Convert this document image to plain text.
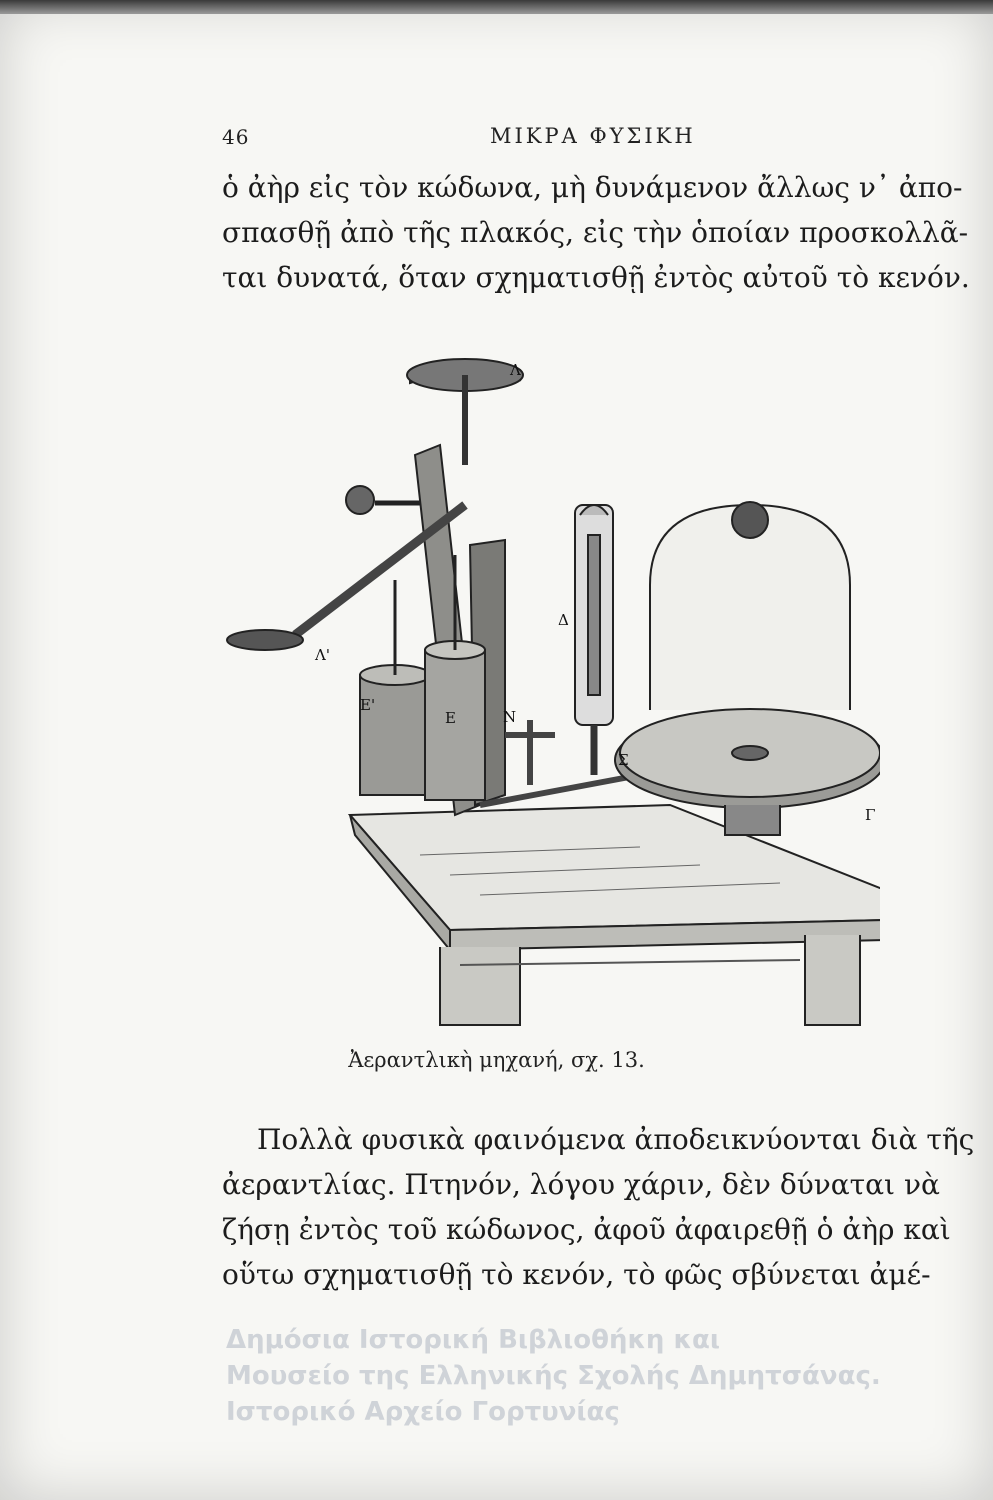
46	ΜΙΚΡΑ ΦΥΣΙΚΗ
ὁ ἀὴρ εἰς τὸν κώδωνα, μὴ δυνάμενον ἄλλως ν᾿ ἀπο-
σπασθῇ ἀπὸ τῆς πλακός, εἰς τὴν ὁποίαν προσκολλᾶ-
ται δυνατά, ὅταν σχηματισθῇ ἐντὸς αὐτοῦ τὸ κενόν.
Λ
Λ'
Ε'
Ε	Ν
Δ
Σ
Γ
Ἀεραντλικὴ μηχανή, σχ. 13.
Πολλὰ φυσικὰ φαινόμενα ἀποδεικνύονται διὰ τῆς
ἀεραντλίας. Πτηνόν, λόγου χάριν, δὲν δύναται νὰ
ζήσῃ ἐντὸς τοῦ κώδωνος, ἀφοῦ ἀφαιρεθῇ ὁ ἀὴρ καὶ
οὕτω σχηματισθῇ τὸ κενόν, τὸ φῶς σβύνεται ἀμέ-
Δημόσια Ιστορική Βιβλιοθήκη και
Μουσείο της Ελληνικής Σχολής Δημητσάνας.
Ιστορικό Αρχείο Γορτυνίας
